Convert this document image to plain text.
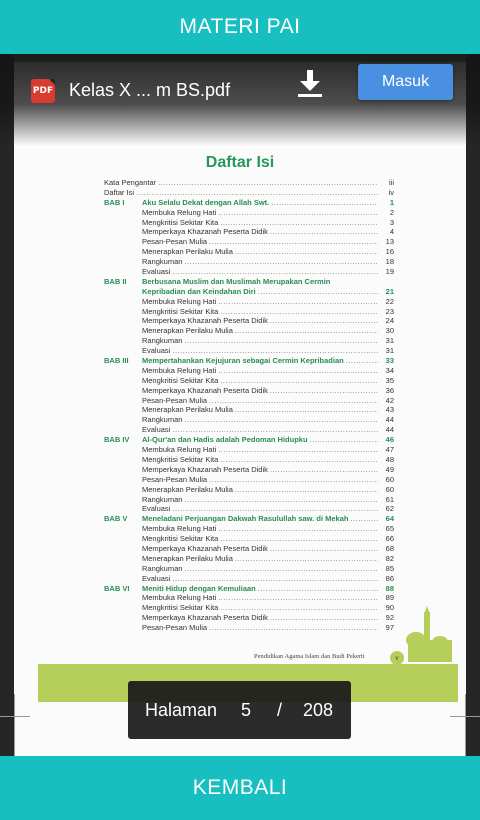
MATERI PAI
Daftar Isi
Kata Pengantar .....	iii
Daftar Isi .....	iv
BAB I	Aku Selalu Dekat dengan Allah Swt. .....	1
Membuka Relung Hati .....	2
Mengkritisi Sekitar Kita .....	3
Memperkaya Khazanah Peserta Didik .....	4
Pesan-Pesan Mulia .....	13
Menerapkan Perilaku Mulia .....	16
Rangkuman .....	18
Evaluasi .....	19
BAB II	Berbusana Muslim dan Muslimah Merupakan Cermin
Kepribadian dan Keindahan Diri .....	21
Membuka Relung Hati .....	22
Mengkritisi Sekitar Kita .....	23
Memperkaya Khazanah Peserta Didik .....	24
Menerapkan Perilaku Mulia .....	30
Rangkuman .....	31
Evaluasi .....	31
BAB III	Mempertahankan Kejujuran sebagai Cermin Kepribadian .....	33
Membuka Relung Hati .....	34
Mengkritisi Sekitar Kita .....	35
Memperkaya Khazanah Peserta Didik .....	36
Pesan-Pesan Mulia .....	42
Menerapkan Perilaku Mulia .....	43
Rangkuman .....	44
Evaluasi .....	44
BAB IV	Al-Qur'an dan Hadis adalah Pedoman Hidupku .....	46
Membuka Relung Hati .....	47
Mengkritisi Sekitar Kita .....	48
Memperkaya Khazanah Peserta Didik .....	49
Pesan-Pesan Mulia .....	60
Menerapkan Perilaku Mulia .....	60
Rangkuman .....	61
Evaluasi .....	62
BAB V	Meneladani Perjuangan Dakwah Rasulullah saw. di Mekah .....	64
Membuka Relung Hati .....	65
Mengkritisi Sekitar Kita .....	66
Memperkaya Khazanah Peserta Didik .....	68
Menerapkan Perilaku Mulia .....	82
Rangkuman .....	85
Evaluasi .....	86
BAB VI	Meniti Hidup dengan Kemuliaan .....	88
Membuka Relung Hati .....	89
Mengkritisi Sekitar Kita .....	90
Memperkaya Khazanah Peserta Didik .....	92
Pesan-Pesan Mulia .....	97
Pendidikan Agama Islam dan Budi Pekerti	v
PDF Kelas X ... m BS.pdf	Masuk
Halaman 5 / 208
KEMBALI
